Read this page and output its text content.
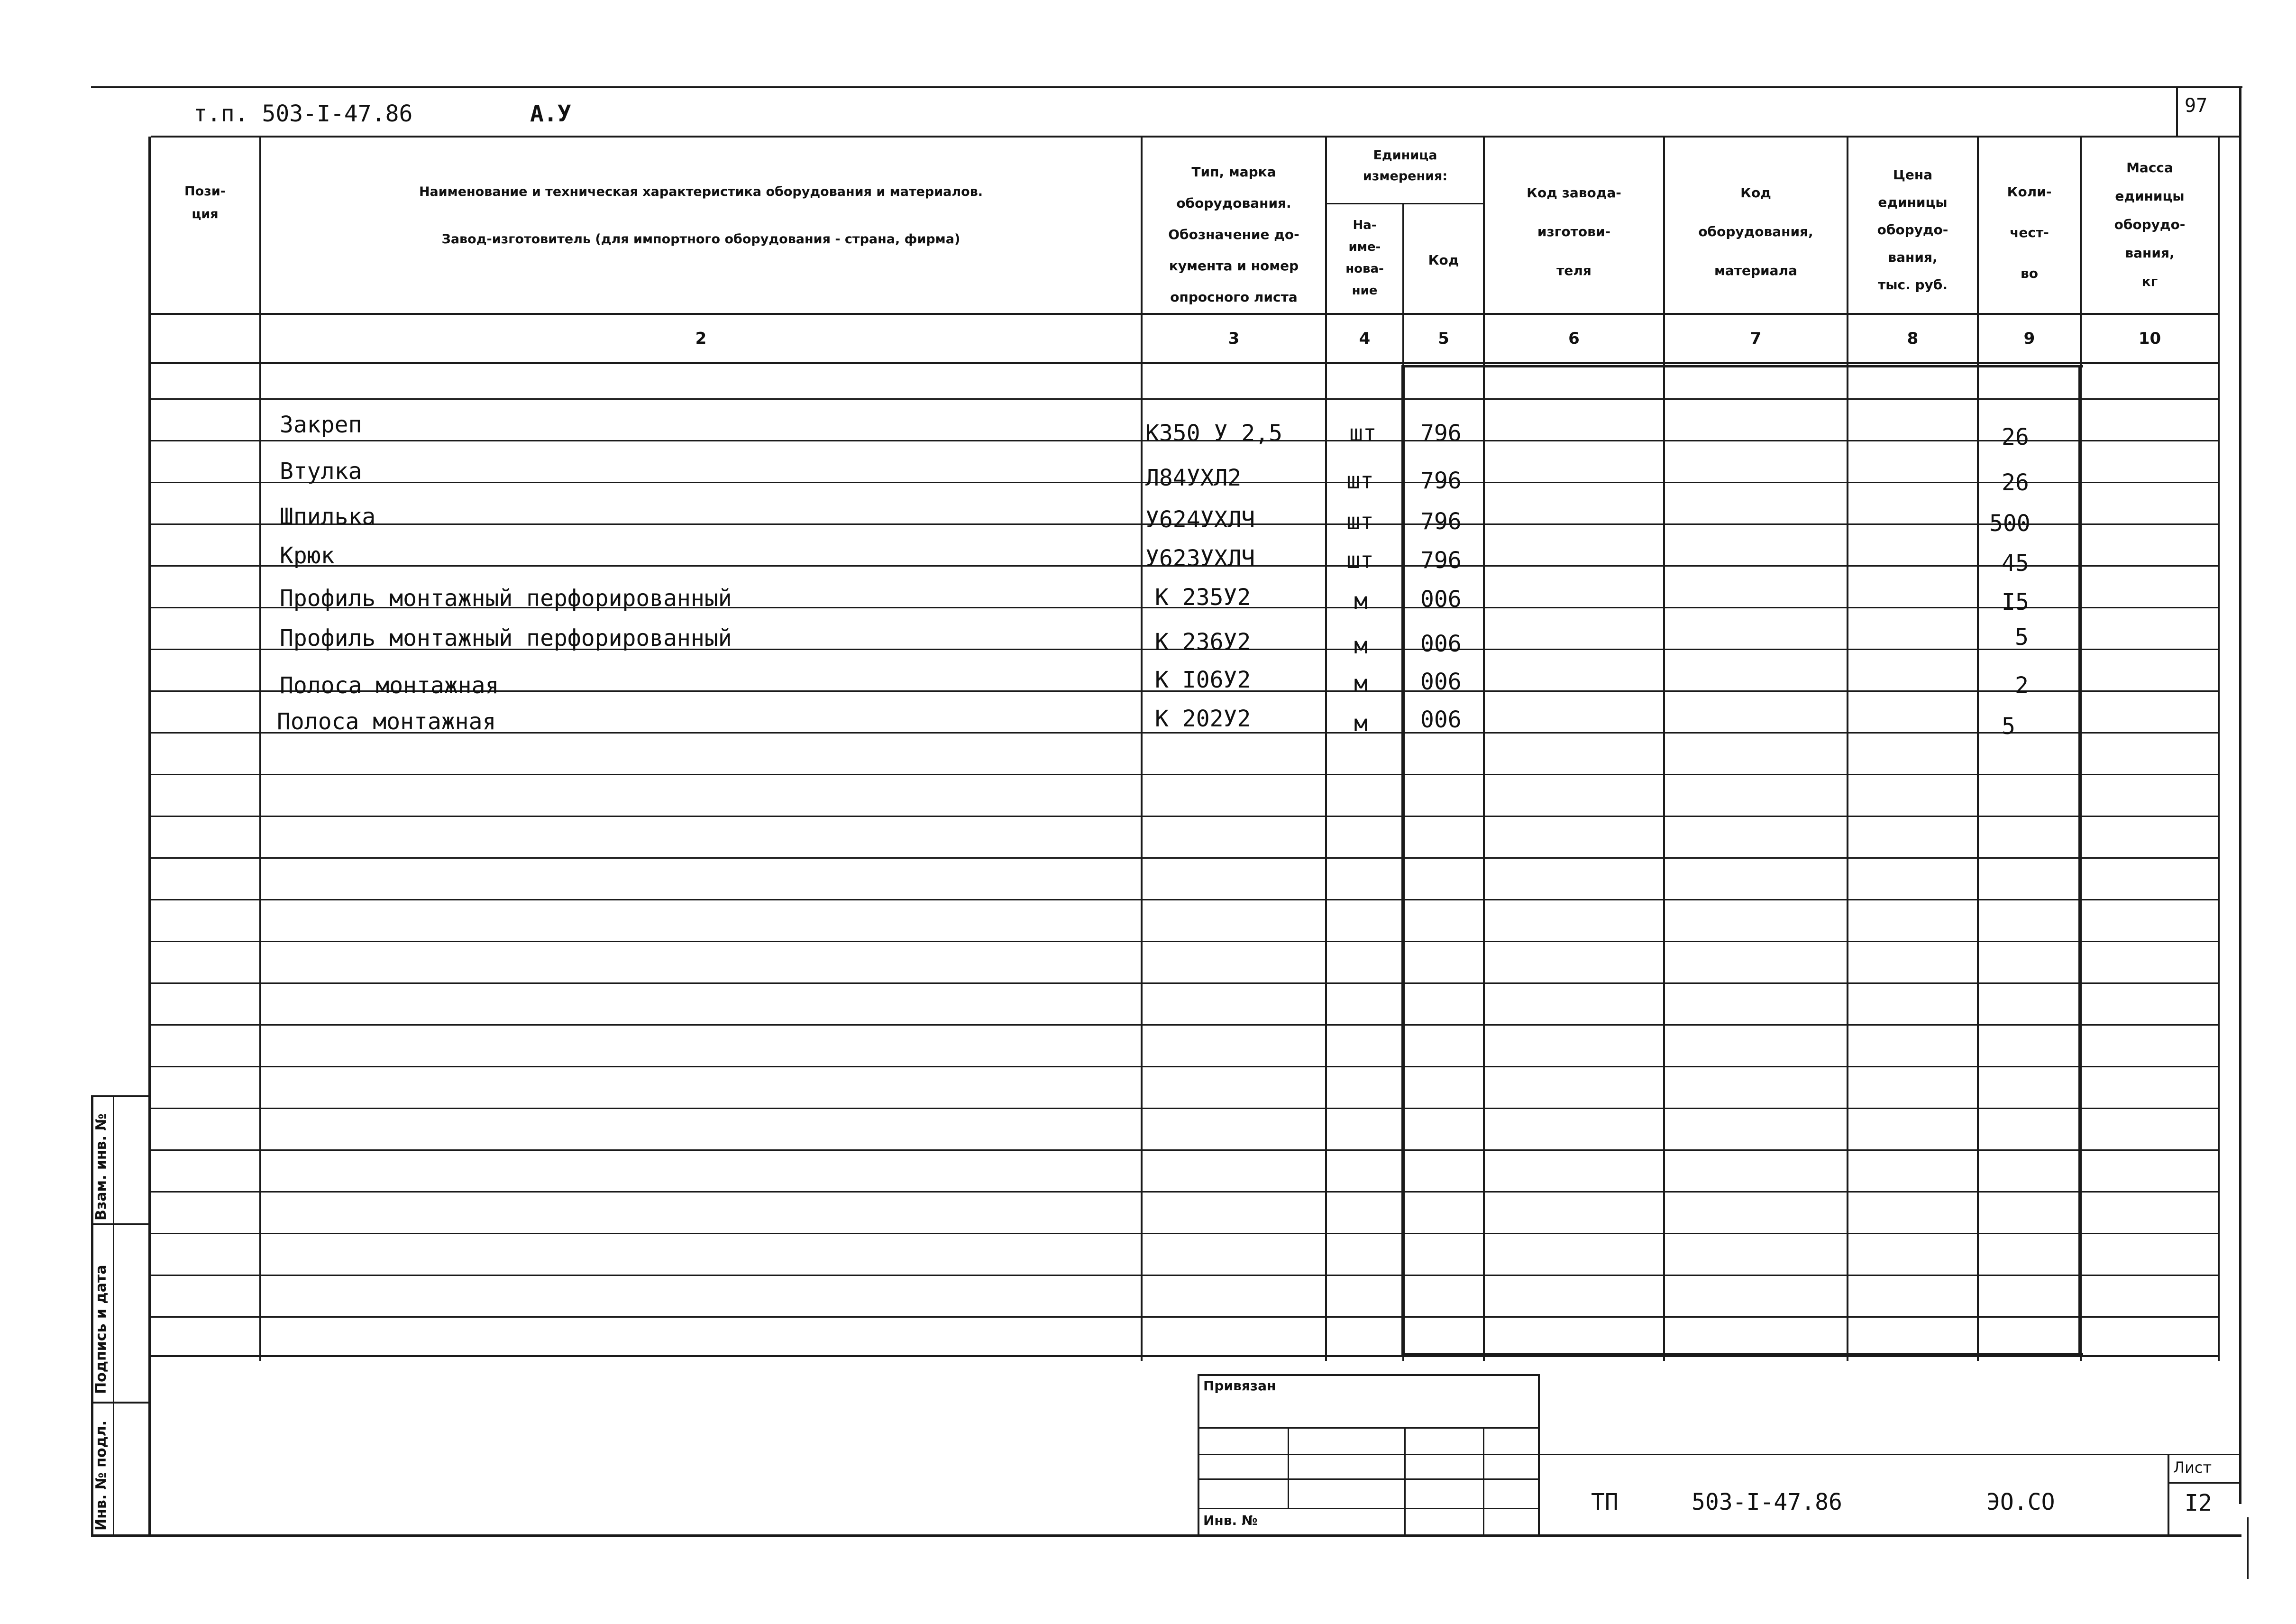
т.п. 503-I-47.86	А.У	97
Пози-
ция
Наименование и техническая характеристика оборудования и материалов.
Завод-изготовитель (для импортного оборудования - страна, фирма)
Тип, марка
оборудования.
Обозначение до-
кумента и номер
опросного листа
Единица
измерения:
На-
име-
нова-
ние
Код
Код завода-
изготови-
теля
Код
оборудования,
материала
Цена
единицы
оборудо-
вания,
тыс. руб.
Коли-
чест-
во
Масса
единицы
оборудо-
вания,
кг
2	3	4	5	6	7	8	9	10
Закреп	К350 У 2,5	шт 796	26
Втулка	Л84УХЛ2	шт 796	26
Шпилька	У624УХЛЧ	шт 796	500
Крюк	У623УХЛЧ	шт 796	45
Профиль монтажный перфорированный	К 235У2	м 006	I5
Профиль монтажный перфорированный	К 236У2	м 006	5
Полоса монтажная	К I06У2	м 006	2
Полоса монтажная	К 202У2	м 006	5
Взам. инв. №
Подпись и дата
Инв. № подл.
Привязан
Инв. №
ТП	503-I-47.86	ЭО.СО
Лист
I2
